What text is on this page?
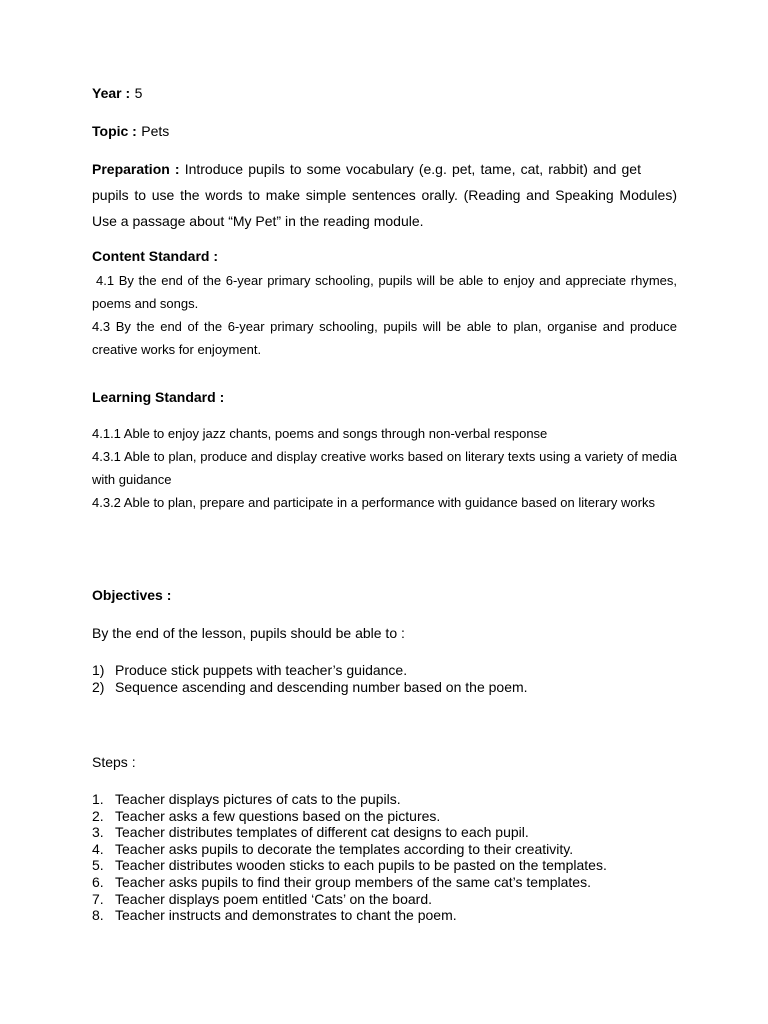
Year : 5
Topic : Pets
Preparation : Introduce pupils to some vocabulary (e.g. pet, tame, cat, rabbit) and get pupils to use the words to make simple sentences orally. (Reading and Speaking Modules) Use a passage about “My Pet” in the reading module.
Content Standard :
4.1 By the end of the 6-year primary schooling, pupils will be able to enjoy and appreciate rhymes, poems and songs.
4.3 By the end of the 6-year primary schooling, pupils will be able to plan, organise and produce creative works for enjoyment.
Learning Standard :
4.1.1 Able to enjoy jazz chants, poems and songs through non-verbal response
4.3.1 Able to plan, produce and display creative works based on literary texts using a variety of media with guidance
4.3.2 Able to plan, prepare and participate in a performance with guidance based on literary works
Objectives :
By the end of the lesson, pupils should be able to :
1) Produce stick puppets with teacher’s guidance.
2) Sequence ascending and descending number based on the poem.
Steps :
1. Teacher displays pictures of cats to the pupils.
2. Teacher asks a few questions based on the pictures.
3. Teacher distributes templates of different cat designs to each pupil.
4. Teacher asks pupils to decorate the templates according to their creativity.
5. Teacher distributes wooden sticks to each pupils to be pasted on the templates.
6. Teacher asks pupils to find their group members of the same cat’s templates.
7. Teacher displays poem entitled ‘Cats’ on the board.
8. Teacher instructs and demonstrates to chant the poem.
